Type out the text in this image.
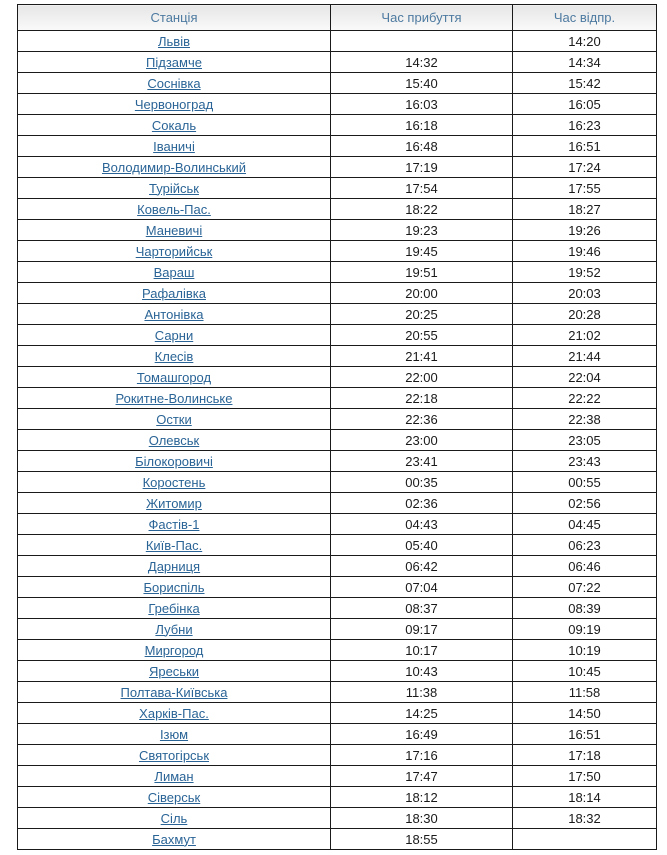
Станція	Час прибуття	Час відпр.
Львів		14:20
Підзамче	14:32	14:34
Соснівка	15:40	15:42
Червоноград	16:03	16:05
Сокаль	16:18	16:23
Іваничі	16:48	16:51
Володимир-Волинський	17:19	17:24
Турійськ	17:54	17:55
Ковель-Пас.	18:22	18:27
Маневичі	19:23	19:26
Чарторийськ	19:45	19:46
Вараш	19:51	19:52
Рафалівка	20:00	20:03
Антонівка	20:25	20:28
Сарни	20:55	21:02
Клесів	21:41	21:44
Томашгород	22:00	22:04
Рокитне-Волинське	22:18	22:22
Остки	22:36	22:38
Олевськ	23:00	23:05
Білокоровичі	23:41	23:43
Коростень	00:35	00:55
Житомир	02:36	02:56
Фастів-1	04:43	04:45
Київ-Пас.	05:40	06:23
Дарниця	06:42	06:46
Бориспіль	07:04	07:22
Гребінка	08:37	08:39
Лубни	09:17	09:19
Миргород	10:17	10:19
Яреськи	10:43	10:45
Полтава-Київська	11:38	11:58
Харків-Пас.	14:25	14:50
Ізюм	16:49	16:51
Святогірськ	17:16	17:18
Лиман	17:47	17:50
Сіверськ	18:12	18:14
Сіль	18:30	18:32
Бахмут	18:55	
